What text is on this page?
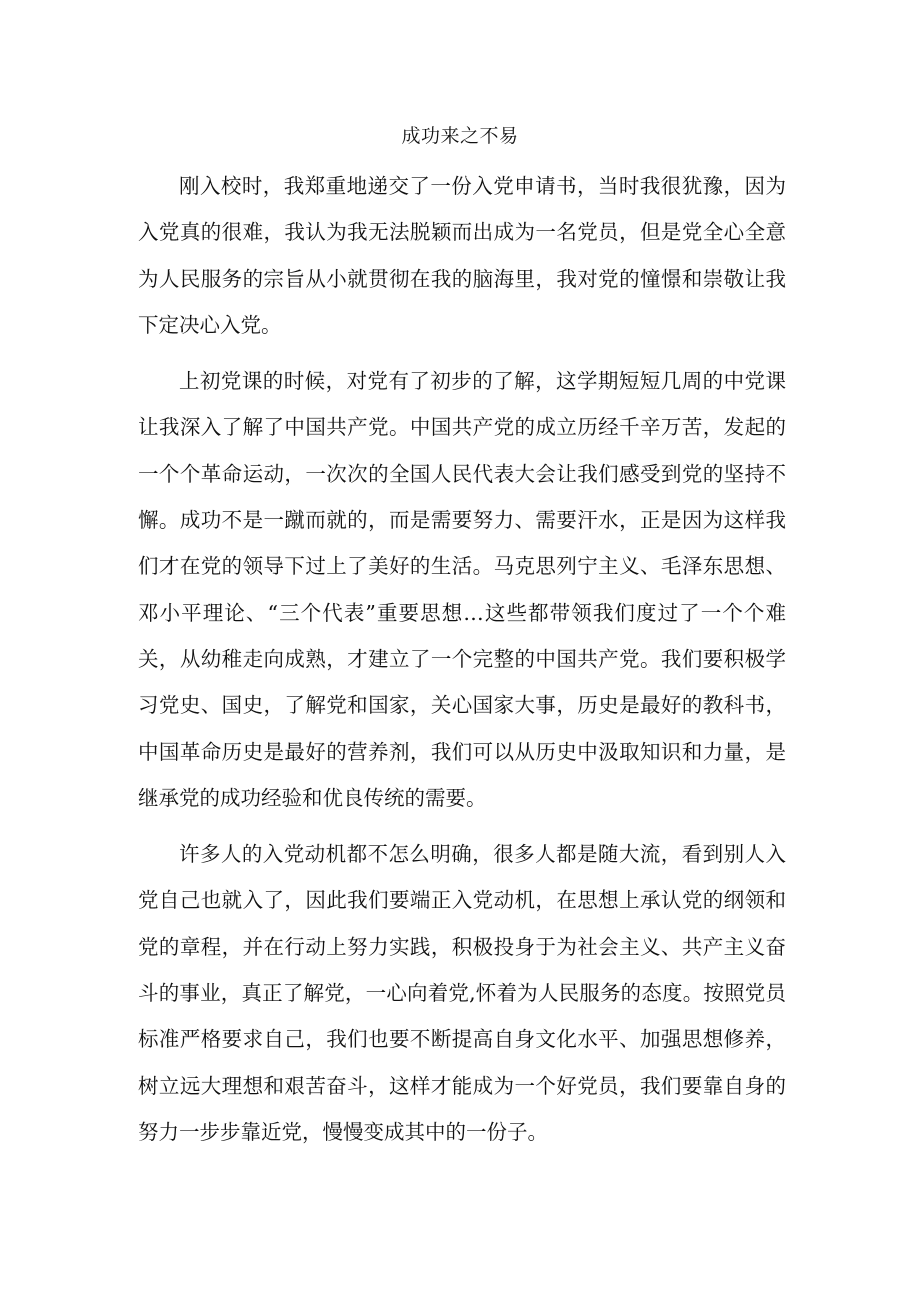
成功来之不易

刚入校时，我郑重地递交了一份入党申请书，当时我很犹豫，因为入党真的很难，我认为我无法脱颖而出成为一名党员，但是党全心全意为人民服务的宗旨从小就贯彻在我的脑海里，我对党的憧憬和崇敬让我下定决心入党。

上初党课的时候，对党有了初步的了解，这学期短短几周的中党课让我深入了解了中国共产党。中国共产党的成立历经千辛万苦，发起的一个个革命运动，一次次的全国人民代表大会让我们感受到党的坚持不懈。成功不是一蹴而就的，而是需要努力、需要汗水，正是因为这样我们才在党的领导下过上了美好的生活。马克思列宁主义、毛泽东思想、邓小平理论、“三个代表”重要思想…这些都带领我们度过了一个个难关，从幼稚走向成熟，才建立了一个完整的中国共产党。我们要积极学习党史、国史，了解党和国家，关心国家大事，历史是最好的教科书，中国革命历史是最好的营养剂，我们可以从历史中汲取知识和力量，是继承党的成功经验和优良传统的需要。

许多人的入党动机都不怎么明确，很多人都是随大流，看到别人入党自己也就入了，因此我们要端正入党动机，在思想上承认党的纲领和党的章程，并在行动上努力实践，积极投身于为社会主义、共产主义奋斗的事业，真正了解党，一心向着党,怀着为人民服务的态度。按照党员标准严格要求自己，我们也要不断提高自身文化水平、加强思想修养，树立远大理想和艰苦奋斗，这样才能成为一个好党员，我们要靠自身的努力一步步靠近党，慢慢变成其中的一份子。
